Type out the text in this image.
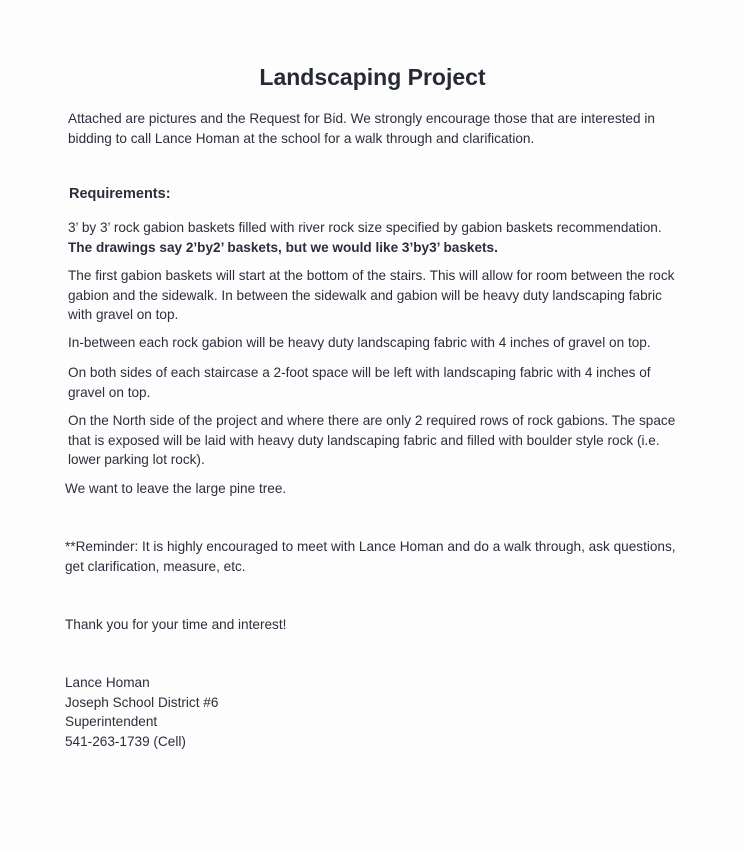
Landscaping Project

Attached are pictures and the Request for Bid. We strongly encourage those that are interested in bidding to call Lance Homan at the school for a walk through and clarification.

Requirements:
3’ by 3’ rock gabion baskets filled with river rock size specified by gabion baskets recommendation.
The drawings say 2’by2’ baskets, but we would like 3’by3’ baskets.

The first gabion baskets will start at the bottom of the stairs. This will allow for room between the rock gabion and the sidewalk. In between the sidewalk and gabion will be heavy duty landscaping fabric with gravel on top.

In-between each rock gabion will be heavy duty landscaping fabric with 4 inches of gravel on top.

On both sides of each staircase a 2-foot space will be left with landscaping fabric with 4 inches of gravel on top.

On the North side of the project and where there are only 2 required rows of rock gabions. The space that is exposed will be laid with heavy duty landscaping fabric and filled with boulder style rock (i.e. lower parking lot rock).

We want to leave the large pine tree.

**Reminder: It is highly encouraged to meet with Lance Homan and do a walk through, ask questions, get clarification, measure, etc.

Thank you for your time and interest!

Lance Homan
Joseph School District #6
Superintendent
541-263-1739 (Cell)
